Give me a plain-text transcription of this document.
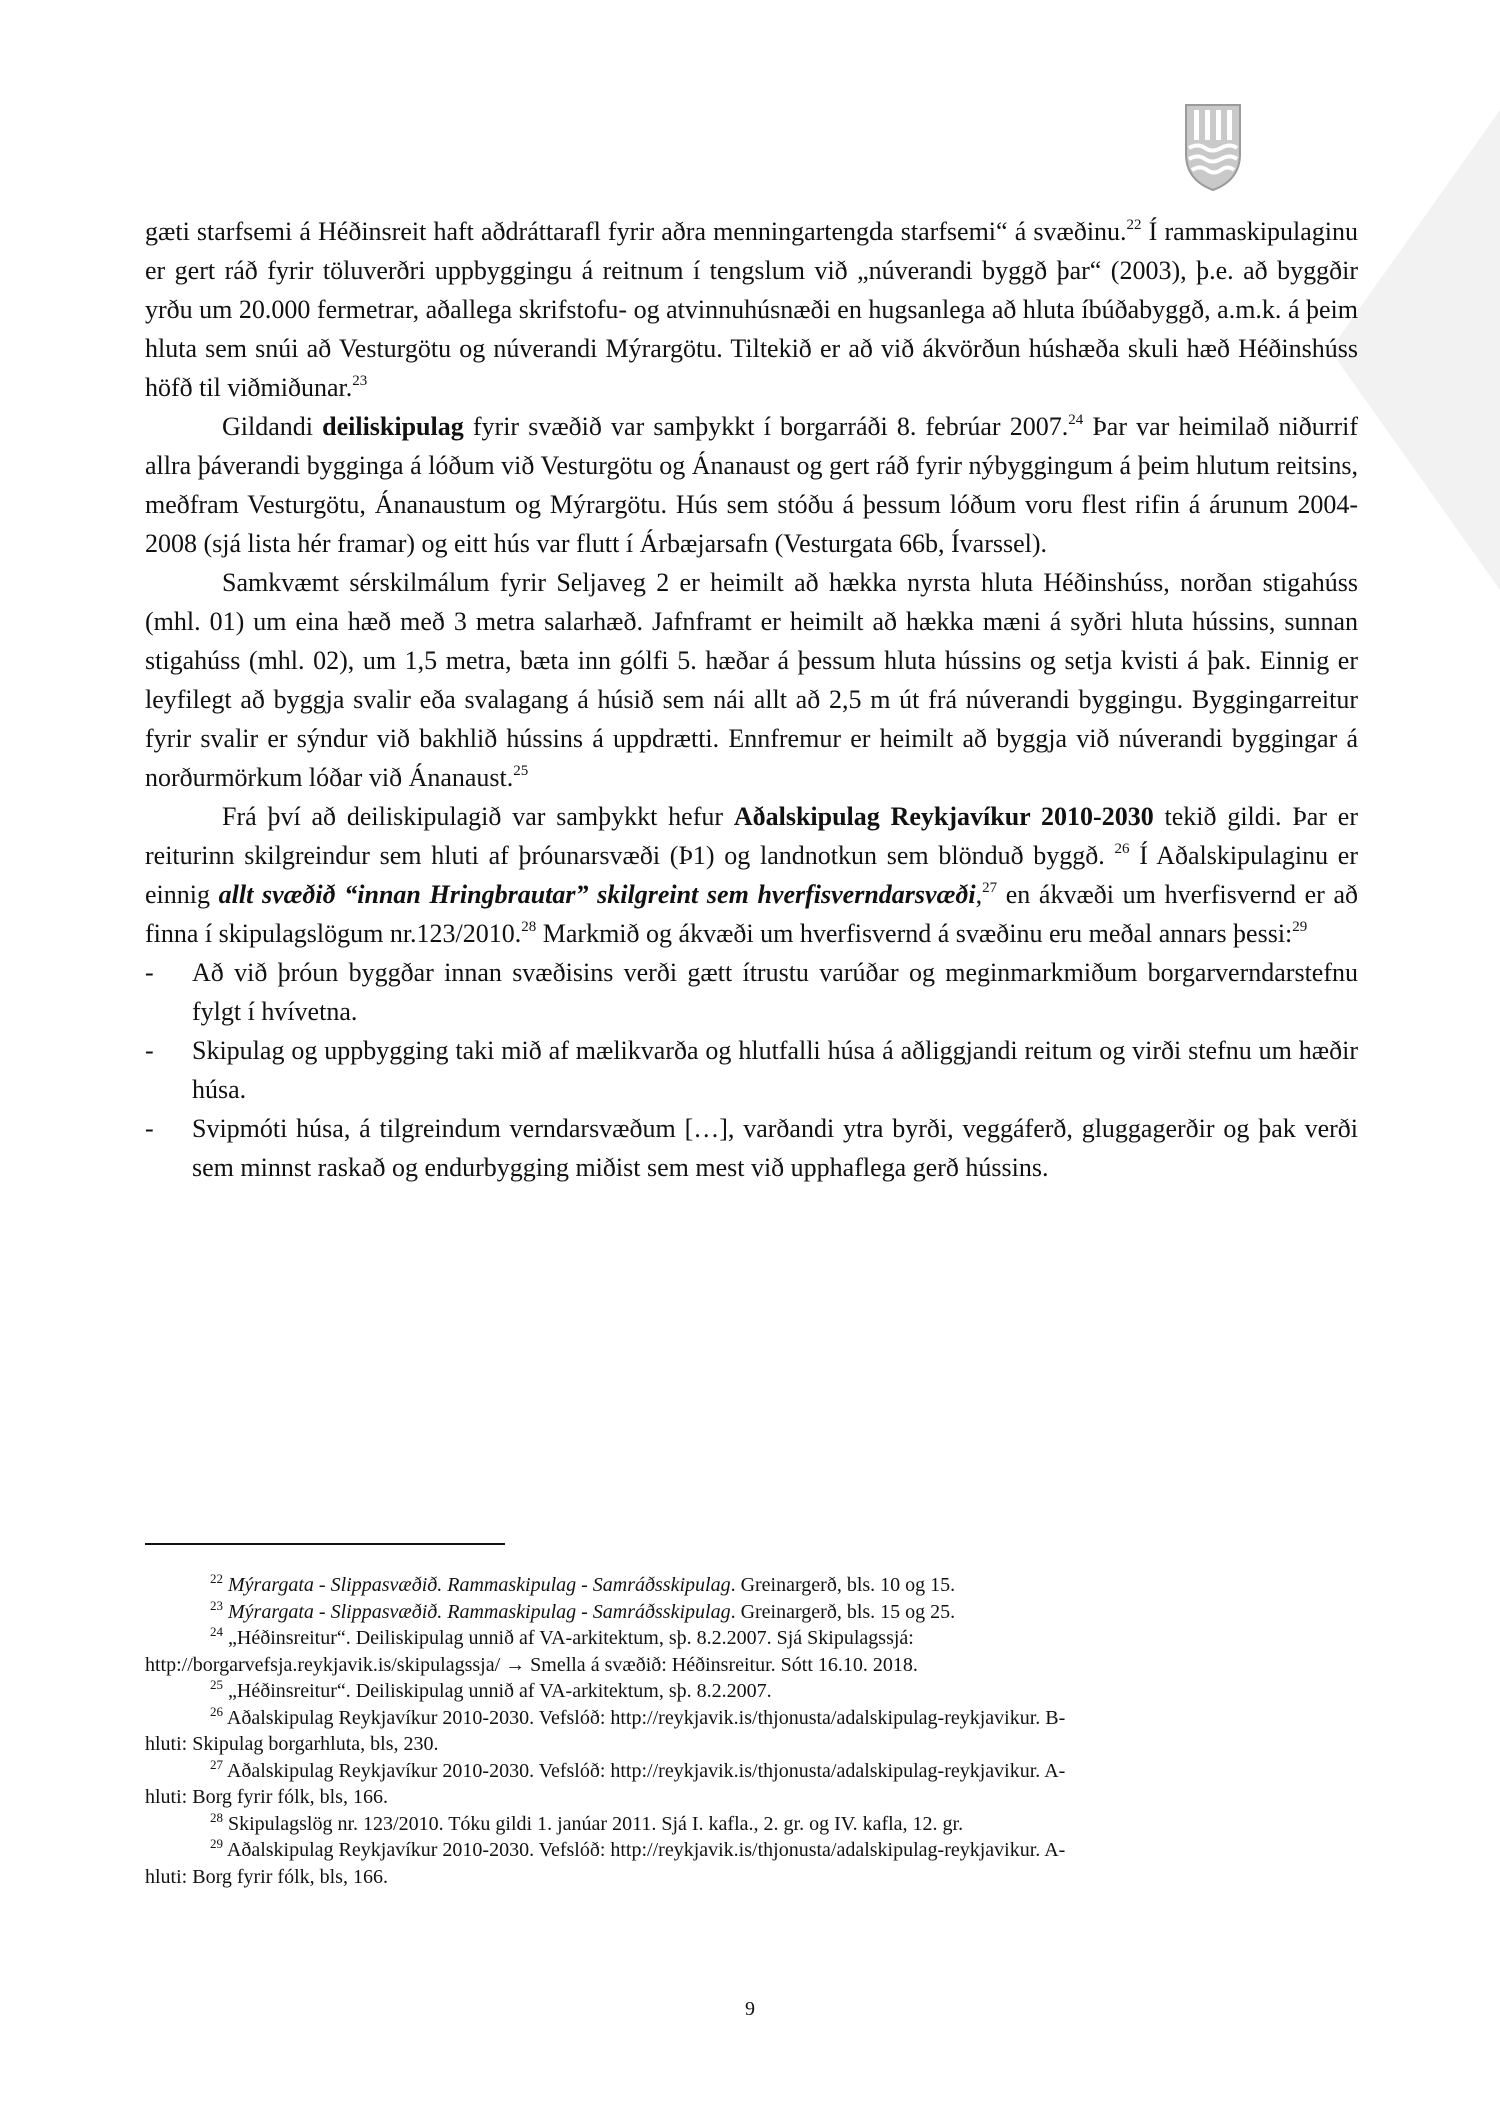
gæti starfsemi á Héðinsreit haft aðdráttarafl fyrir aðra menningartengda starfsemi“ á svæðinu.$^{22}$ Í rammaskipulaginu er gert ráð fyrir töluverðri uppbyggingu á reitnum í tengslum við „núverandi byggð þar“ (2003), þ.e. að byggðir yrðu um 20.000 fermetrar, aðallega skrifstofu- og atvinnuhúsnæði en hugsanlega að hluta íbúðabyggð, a.m.k. á þeim hluta sem snúi að Vesturgötu og núverandi Mýrargötu. Tiltekið er að við ákvörðun húshæða skuli hæð Héðinshúss höfð til viðmiðunar.$^{23}$

Gildandi deiliskipulag fyrir svæðið var samþykkt í borgarráði 8. febrúar 2007.24 Þar var heimilað niðurrif allra þáverandi bygginga á lóðum við Vesturgötu og Ánanaust og gert ráð fyrir nýbyggingum á þeim hlutum reitsins, meðfram Vesturgötu, Ánanaustum og Mýrargötu. Hús sem stóðu á þessum lóðum voru flest rifin á árunum 2004-2008 (sjá lista hér framar) og eitt hús var flutt í Árbæjarsafn (Vesturgata 66b, Ívarssel).

Samkvæmt sérskilmálum fyrir Seljaveg 2 er heimilt að hækka nyrsta hluta Héðinshúss, norðan stigahúss (mhl. 01) um eina hæð með 3 metra salarhæð. Jafnframt er heimilt að hækka mæni á syðri hluta hússins, sunnan stigahúss (mhl. 02), um 1,5 metra, bæta inn gólfi 5. hæðar á þessum hluta hússins og setja kvisti á þak. Einnig er leyfilegt að byggja svalir eða svalagang á húsið sem nái allt að 2,5 m út frá núverandi byggingu. Byggingarreitur fyrir svalir er sýndur við bakhlið hússins á uppdrætti. Ennfremur er heimilt að byggja við núverandi byggingar á norðurmörkum lóðar við Ánanaust.$^{25}$

Frá því að deiliskipulagið var samþykkt hefur Aðalskipulag Reykjavíkur 2010-2030 tekið gildi. Þar er reiturinn skilgreindur sem hluti af þróunarsvæði (Þ1) og landnotkun sem blönduð byggð. $^{26}$ Í Aðalskipulaginu er einnig allt svæðið “innan Hringbrautar” skilgreint sem hverfisverndarsvæði,$^{27}$ en ákvæði um hverfisvernd er að finna í skipulagslögum nr.123/2010.28 Markmið og ákvæði um hverfisvernd á svæðinu eru meðal annars þessi:$^{29}$

- Að við þróun byggðar innan svæðisins verði gætt ítrustu varúðar og meginmarkmiðum borgarverndarstefnu fylgt í hvívetna.
- Skipulag og uppbygging taki mið af mælikvarða og hlutfalli húsa á aðliggjandi reitum og virði stefnu um hæðir húsa.
- Svipmóti húsa, á tilgreindum verndarsvæðum […], varðandi ytra byrði, veggáferð, gluggagerðir og þak verði sem minnst raskað og endurbygging miðist sem mest við upphaflega gerð hússins.

$^{22}$ Mýrargata - Slippasvæðið. Rammaskipulag - Samráðsskipulag. Greinargerð, bls. 10 og 15.

$^{23}$ Mýrargata - Slippasvæðið. Rammaskipulag - Samráðsskipulag. Greinargerð, bls. 15 og 25.

$^{24}$ „Héðinsreitur“. Deiliskipulag unnið af VA-arkitektum, sþ. 8.2.2007. Sjá Skipulagssjá:
http://borgarvefsja.reykjavik.is/skipulagssja/ → Smella á svæðið: Héðinsreitur. Sótt 16.10. 2018.

$^{25}$ „Héðinsreitur“. Deiliskipulag unnið af VA-arkitektum, sþ. 8.2.2007.

$^{26}$ Aðalskipulag Reykjavíkur 2010-2030. Vefslóð: http://reykjavik.is/thjonusta/adalskipulag-reykjavikur. B-
hluti: Skipulag borgarhluta, bls, 230.

$^{27}$ Aðalskipulag Reykjavíkur 2010-2030. Vefslóð: http://reykjavik.is/thjonusta/adalskipulag-reykjavikur. A-
hluti: Borg fyrir fólk, bls, 166.

$^{28}$ Skipulagslög nr. 123/2010. Tóku gildi 1. janúar 2011. Sjá I. kafla., 2. gr. og IV. kafla, 12. gr.

$^{29}$ Aðalskipulag Reykjavíkur 2010-2030. Vefslóð: http://reykjavik.is/thjonusta/adalskipulag-reykjavikur. A-
hluti: Borg fyrir fólk, bls, 166.

9
